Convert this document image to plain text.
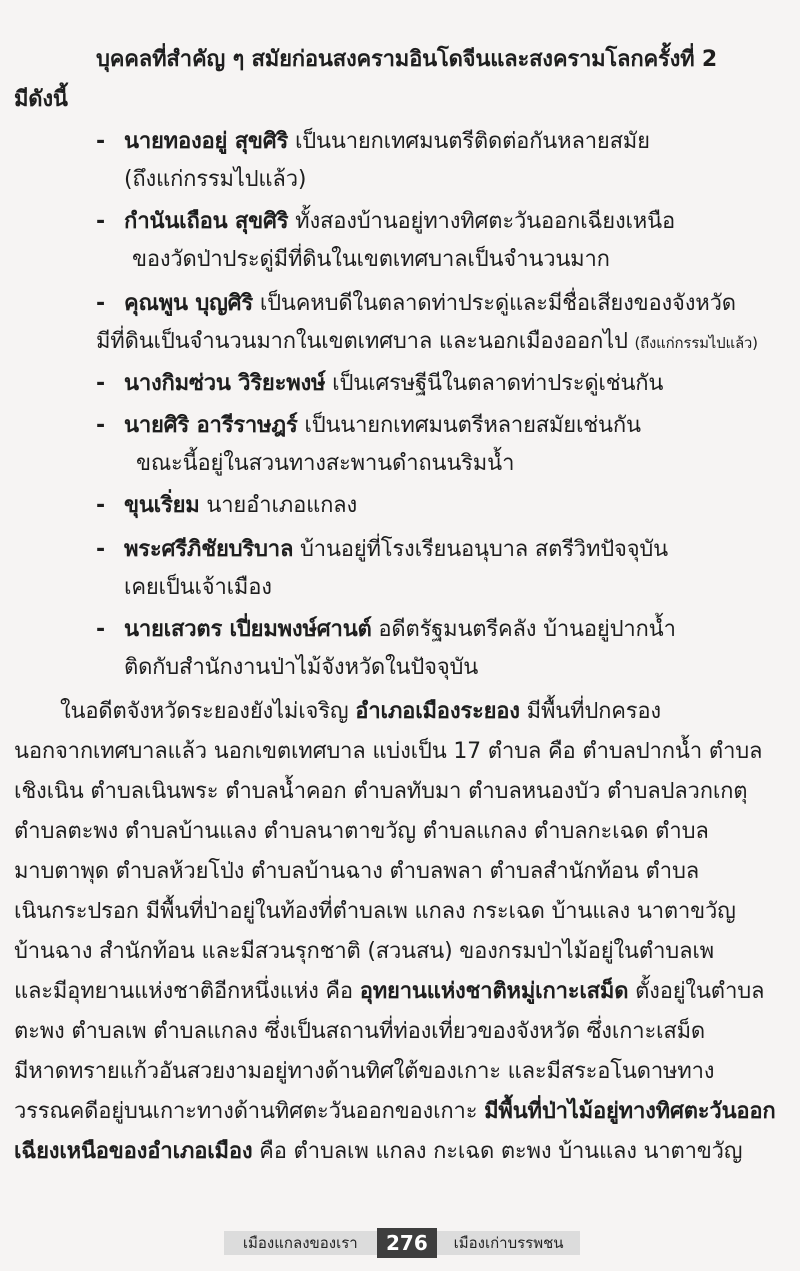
บุคคลที่สำคัญ ๆ สมัยก่อนสงครามอินโดจีนและสงครามโลกครั้งที่ 2
มีดังนี้
- นายทองอยู่ สุขศิริ เป็นนายกเทศมนตรีติดต่อกันหลายสมัย
(ถึงแก่กรรมไปแล้ว)
- กำนันเถือน สุขศิริ ทั้งสองบ้านอยู่ทางทิศตะวันออกเฉียงเหนือ
ของวัดป่าประดู่มีที่ดินในเขตเทศบาลเป็นจำนวนมาก
- คุณพูน บุญศิริ เป็นคหบดีในตลาดท่าประดู่และมีชื่อเสียงของจังหวัด
มีที่ดินเป็นจำนวนมากในเขตเทศบาล และนอกเมืองออกไป (ถึงแก่กรรมไปแล้ว)
- นางกิมซ่วน วิริยะพงษ์ เป็นเศรษฐีนีในตลาดท่าประดู่เช่นกัน
- นายศิริ อารีราษฎร์ เป็นนายกเทศมนตรีหลายสมัยเช่นกัน
ขณะนี้อยู่ในสวนทางสะพานดำถนนริมน้ำ
- ขุนเริ่ยม นายอำเภอแกลง
- พระศรีภิชัยบริบาล บ้านอยู่ที่โรงเรียนอนุบาล สตรีวิทปัจจุบัน
เคยเป็นเจ้าเมือง
- นายเสวตร เปี่ยมพงษ์ศานต์ อดีตรัฐมนตรีคลัง บ้านอยู่ปากน้ำ
ติดกับสำนักงานป่าไม้จังหวัดในปัจจุบัน
ในอดีตจังหวัดระยองยังไม่เจริญ อำเภอเมืองระยอง มีพื้นที่ปกครอง
นอกจากเทศบาลแล้ว นอกเขตเทศบาล แบ่งเป็น 17 ตำบล คือ ตำบลปากน้ำ ตำบล
เชิงเนิน ตำบลเนินพระ ตำบลน้ำคอก ตำบลทับมา ตำบลหนองบัว ตำบลปลวกเกตุ
ตำบลตะพง ตำบลบ้านแลง ตำบลนาตาขวัญ ตำบลแกลง ตำบลกะเฉด ตำบล
มาบตาพุด ตำบลห้วยโป่ง ตำบลบ้านฉาง ตำบลพลา ตำบลสำนักท้อน ตำบล
เนินกระปรอก มีพื้นที่ป่าอยู่ในท้องที่ตำบลเพ แกลง กระเฉด บ้านแลง นาตาขวัญ
บ้านฉาง สำนักท้อน และมีสวนรุกชาติ (สวนสน) ของกรมป่าไม้อยู่ในตำบลเพ
และมีอุทยานแห่งชาติอีกหนึ่งแห่ง คือ อุทยานแห่งชาติหมู่เกาะเสม็ด ตั้งอยู่ในตำบล
ตะพง ตำบลเพ ตำบลแกลง ซึ่งเป็นสถานที่ท่องเที่ยวของจังหวัด ซึ่งเกาะเสม็ด
มีหาดทรายแก้วอันสวยงามอยู่ทางด้านทิศใต้ของเกาะ และมีสระอโนดาษทาง
วรรณคดีอยู่บนเกาะทางด้านทิศตะวันออกของเกาะ มีพื้นที่ป่าไม้อยู่ทางทิศตะวันออก
เฉียงเหนือของอำเภอเมือง คือ ตำบลเพ แกลง กะเฉด ตะพง บ้านแลง นาตาขวัญ
เมืองแกลงของเรา	276	เมืองเก่าบรรพชน
